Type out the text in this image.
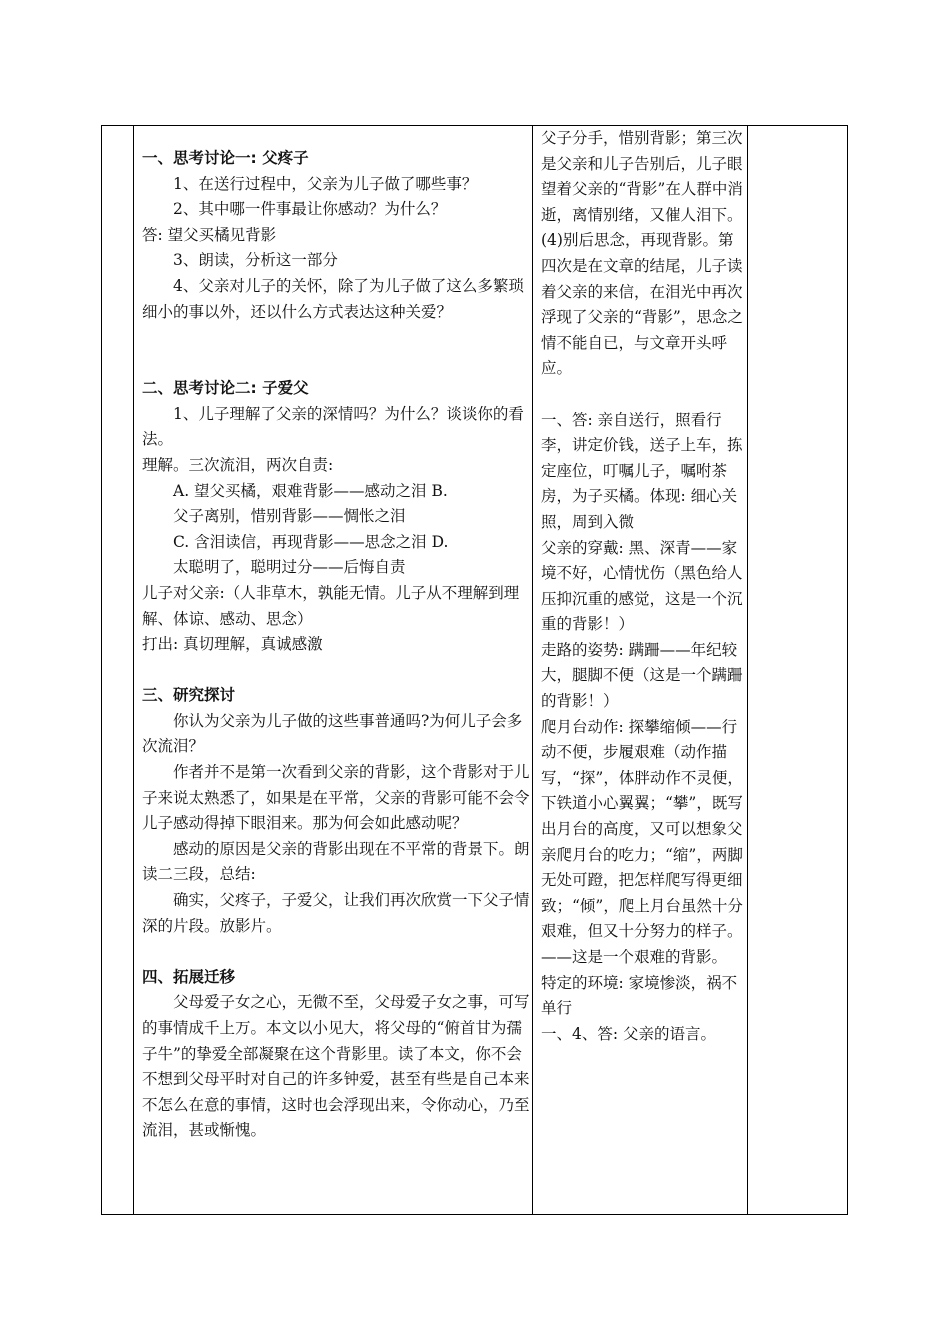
一、思考讨论一: 父疼子

1、在送行过程中，父亲为儿子做了哪些事？

2、其中哪一件事最让你感动？为什么？

答: 望父买橘见背影

3、朗读，分析这一部分

4、父亲对儿子的关怀，除了为儿子做了这么多繁琐细小的事以外，还以什么方式表达这种关爱？

二、思考讨论二: 子爱父

1、儿子理解了父亲的深情吗？为什么？谈谈你的看法。

理解。三次流泪，两次自责:

A. 望父买橘，艰难背影——感动之泪 B.

父子离别，惜别背影——惆怅之泪

C. 含泪读信，再现背影——思念之泪 D.

太聪明了，聪明过分——后悔自责

儿子对父亲:（人非草木，孰能无情。儿子从不理解到理解、体谅、感动、思念）

打出: 真切理解，真诚感激

三、研究探讨

你认为父亲为儿子做的这些事普通吗?为何儿子会多次流泪？

作者并不是第一次看到父亲的背影，这个背影对于儿子来说太熟悉了，如果是在平常，父亲的背影可能不会令儿子感动得掉下眼泪来。那为何会如此感动呢？

感动的原因是父亲的背影出现在不平常的背景下。朗读二三段，总结:

确实，父疼子，子爱父，让我们再次欣赏一下父子情深的片段。放影片。

四、拓展迁移

父母爱子女之心，无微不至，父母爱子女之事，可写的事情成千上万。本文以小见大，将父母的“俯首甘为孺子牛”的挚爱全部凝聚在这个背影里。读了本文，你不会不想到父母平时对自己的许多钟爱，甚至有些是自己本来不怎么在意的事情，这时也会浮现出来，令你动心，乃至流泪，甚或惭愧。

父子分手，惜别背影；第三次是父亲和儿子告别后，儿子眼望着父亲的“背影”在人群中消逝，离情别绪，又催人泪下。(4)别后思念，再现背影。第四次是在文章的结尾，儿子读着父亲的来信，在泪光中再次浮现了父亲的“背影”，思念之情不能自已，与文章开头呼应。

一、答: 亲自送行，照看行李，讲定价钱，送子上车，拣定座位，叮嘱儿子，嘱咐茶房，为子买橘。体现: 细心关照，周到入微

父亲的穿戴: 黑、深青——家境不好，心情忧伤（黑色给人压抑沉重的感觉，这是一个沉重的背影！）

走路的姿势: 蹒跚——年纪较大，腿脚不便（这是一个蹒跚的背影！）

爬月台动作: 探攀缩倾——行动不便，步履艰难（动作描写，“探”，体胖动作不灵便，下铁道小心翼翼；“攀”，既写出月台的高度，又可以想象父亲爬月台的吃力；“缩”，两脚无处可蹬，把怎样爬写得更细致；“倾”，爬上月台虽然十分艰难，但又十分努力的样子。——这是一个艰难的背影。

特定的环境: 家境惨淡，祸不单行

一、4、答: 父亲的语言。
